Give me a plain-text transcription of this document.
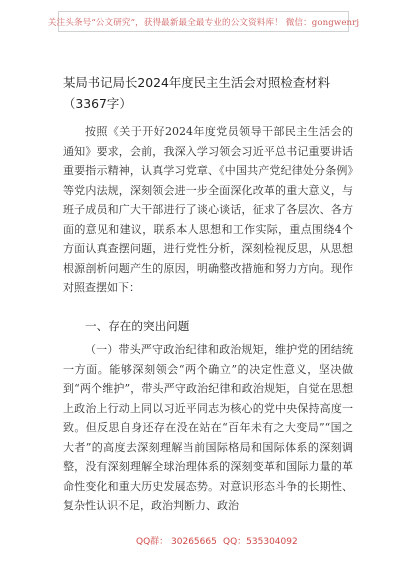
关注头条号“公文研究”，获得最新最全最专业的公文资料库！ 微信：gongwenrj
某局书记局长2024年度民主生活会对照检查材料（3367字）

按照《关于开好2024年度党员领导干部民主生活会的通知》要求，会前，我深入学习领会习近平总书记重要讲话重要指示精神，认真学习党章、《中国共产党纪律处分条例》等党内法规，深刻领会进一步全面深化改革的重大意义，与班子成员和广大干部进行了谈心谈话，征求了各层次、各方面的意见和建议，联系本人思想和工作实际，重点围绕4个方面认真查摆问题，进行党性分析，深刻检视反思，从思想根源剖析问题产生的原因，明确整改措施和努力方向。现作对照查摆如下：

一、存在的突出问题

（一）带头严守政治纪律和政治规矩，维护党的团结统一方面。能够深刻领会“两个确立”的决定性意义，坚决做到“两个维护”，带头严守政治纪律和政治规矩，自觉在思想上政治上行动上同以习近平同志为核心的党中央保持高度一致。但反思自身还存在没在站在“百年未有之大变局”“国之大者”的高度去深刻理解当前国际格局和国际体系的深刻调整，没有深刻理解全球治理体系的深刻变革和国际力量的革命性变化和重大历史发展态势。对意识形态斗争的长期性、复杂性认识不足，政治判断力、政治

QQ群： 30265665 QQ：535304092
